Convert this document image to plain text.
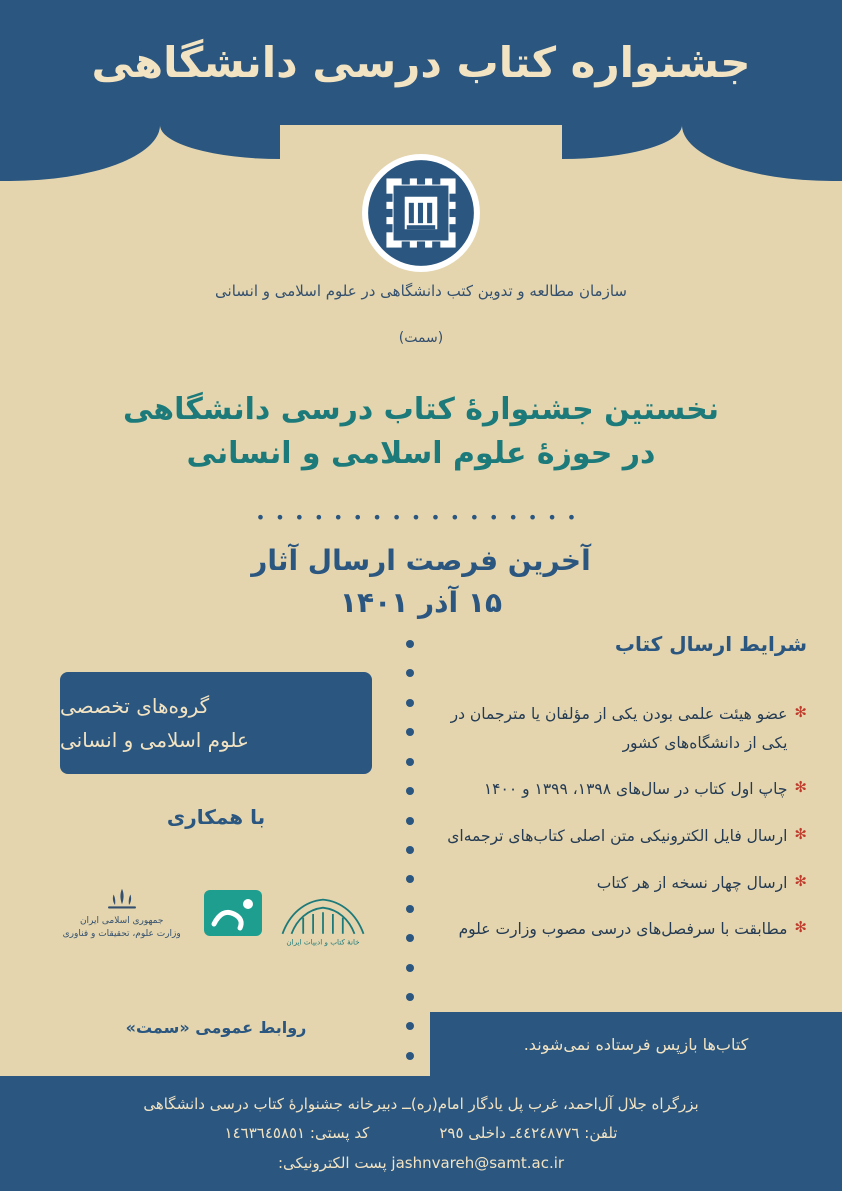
جشنواره کتاب درسی دانشگاهی
سازمان مطالعه و تدوین کتب دانشگاهی در علوم اسلامی و انسانی
(سمت)
نخستین جشنوارۀ کتاب درسی دانشگاهی
در حوزۀ علوم اسلامی و انسانی
•••••••••••••••••
آخرین فرصت ارسال آثار
۱۵ آذر ۱۴۰۱
شرایط ارسال کتاب
✻
عضو هیئت علمی بودن یکی از مؤلفان یا مترجمان در یکی از دانشگاه‌های کشور
✻
چاپ اول کتاب در سال‌های ۱۳۹۸، ۱۳۹۹ و ۱۴۰۰
✻
ارسال فایل الکترونیکی متن اصلی کتاب‌های ترجمه‌ای
✻
ارسال چهار نسخه از هر کتاب
✻
مطابقت با سرفصل‌های درسی مصوب وزارت علوم
گروه‌های تخصصی
علوم اسلامی و انسانی
با همکاری
خانهٔ کتاب و ادبیات ایران
جمهوری اسلامی ایران
وزارت علوم، تحقیقات و فناوری
روابط عمومی «سمت»
کتاب‌ها بازپس فرستاده نمی‌شوند.
بزرگراه جلال آل‌احمد، غرب پل یادگار امام(ره)ــ دبیرخانه جشنوارۀ کتاب درسی دانشگاهی
تلفن: ٤٤٢٤٨٧٧٦ـ داخلی ٢٩٥
کد پستی: ١٤٦٣٦٤٥٨٥١
jashnvareh@samt.ac.ir پست الکترونیکی:
